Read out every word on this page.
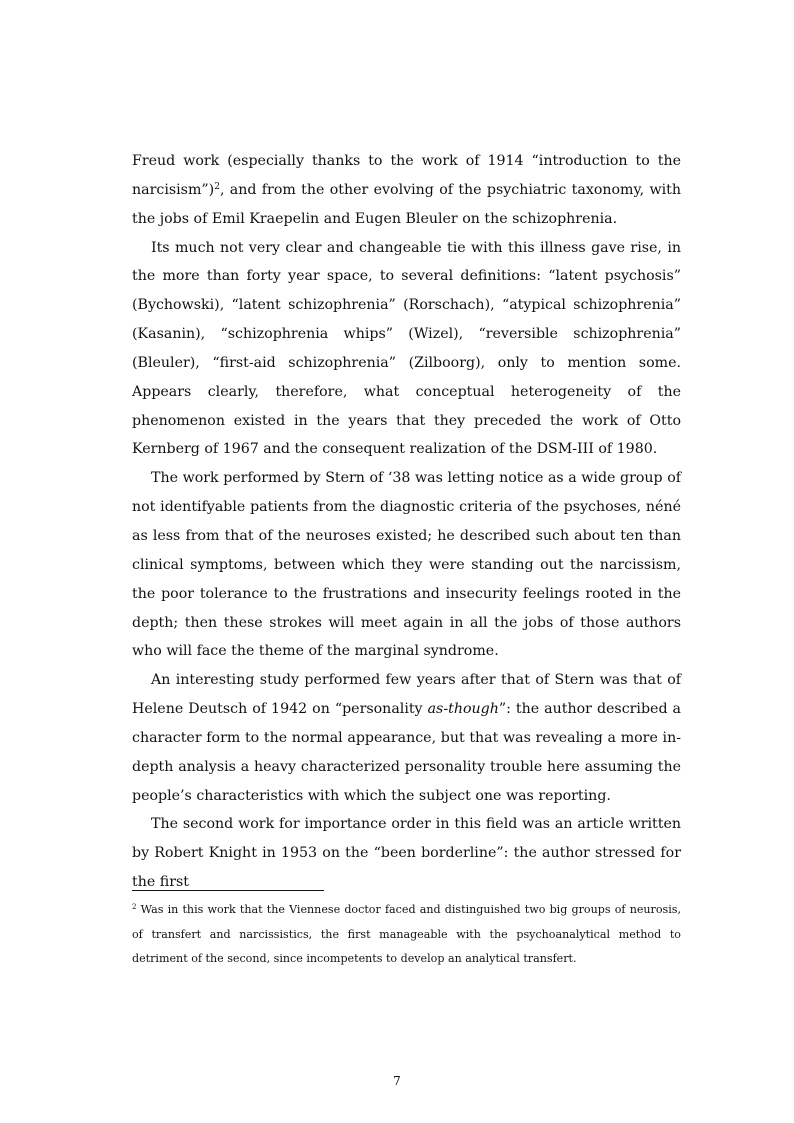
Freud work (especially thanks to the work of 1914 “introduction to the narcisism”)$^2$, and from the other evolving of the psychiatric taxonomy, with the jobs of Emil Kraepelin and Eugen Bleuler on the schizophrenia.

Its much not very clear and changeable tie with this illness gave rise, in the more than forty year space, to several definitions: “latent psychosis” (Bychowski), “latent schizophrenia” (Rorschach), “atypical schizophrenia” (Kasanin), “schizophrenia whips” (Wizel), “reversible schizophrenia” (Bleuler), “first-aid schizophrenia” (Zilboorg), only to mention some. Appears clearly, therefore, what conceptual heterogeneity of the phenomenon existed in the years that they preceded the work of Otto Kernberg of 1967 and the consequent realization of the DSM-III of 1980.

The work performed by Stern of ‘38 was letting notice as a wide group of not identifyable patients from the diagnostic criteria of the psychoses, néné as less from that of the neuroses existed; he described such about ten than clinical symptoms, between which they were standing out the narcissism, the poor tolerance to the frustrations and insecurity feelings rooted in the depth; then these strokes will meet again in all the jobs of those authors who will face the theme of the marginal syndrome.

An interesting study performed few years after that of Stern was that of Helene Deutsch of 1942 on “personality as-though”: the author described a character form to the normal appearance, but that was revealing a more in-depth analysis a heavy characterized personality trouble here assuming the people’s characteristics with which the subject one was reporting.

The second work for importance order in this field was an article written by Robert Knight in 1953 on the “been borderline”: the author stressed for the first

$^2$ Was in this work that the Viennese doctor faced and distinguished two big groups of neurosis, of transfert and narcissistics, the first manageable with the psychoanalytical method to detriment of the second, since incompetents to develop an analytical transfert.

7
